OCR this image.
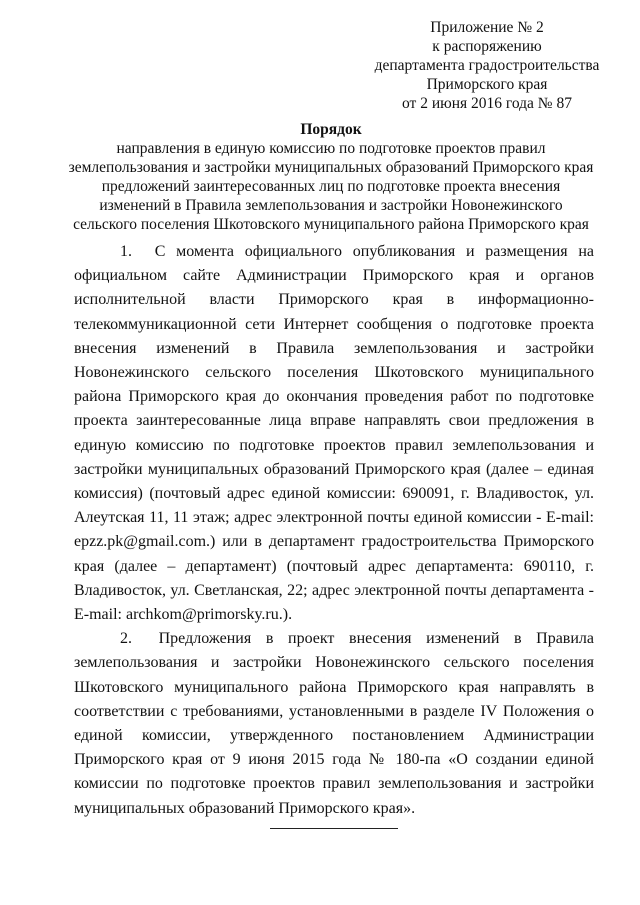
Приложение № 2
к распоряжению
департамента градостроительства
Приморского края
от 2 июня 2016 года № 87
Порядок
направления в единую комиссию по подготовке проектов правил
землепользования и застройки муниципальных образований Приморского края
предложений заинтересованных лиц по подготовке проекта внесения
изменений в Правила землепользования и застройки Новонежинского
сельского поселения Шкотовского муниципального района Приморского края

1. С момента официального опубликования и размещения на официальном сайте Администрации Приморского края и органов исполнительной власти Приморского края в информационно-телекоммуникационной сети Интернет сообщения о подготовке проекта внесения изменений в Правила землепользования и застройки Новонежинского сельского поселения Шкотовского муниципального района Приморского края до окончания проведения работ по подготовке проекта заинтересованные лица вправе направлять свои предложения в единую комиссию по подготовке проектов правил землепользования и застройки муниципальных образований Приморского края (далее – единая комиссия) (почтовый адрес единой комиссии: 690091, г. Владивосток, ул. Алеутская 11, 11 этаж; адрес электронной почты единой комиссии - E-mail: epzz.pk@gmail.com.) или в департамент градостроительства Приморского края (далее – департамент) (почтовый адрес департамента: 690110, г. Владивосток, ул. Светланская, 22; адрес электронной почты департамента - E-mail: archkom@primorsky.ru.).

2. Предложения в проект внесения изменений в Правила землепользования и застройки Новонежинского сельского поселения Шкотовского муниципального района Приморского края направлять в соответствии с требованиями, установленными в разделе IV Положения о единой комиссии, утвержденного постановлением Администрации Приморского края от 9 июня 2015 года № 180-па «О создании единой комиссии по подготовке проектов правил землепользования и застройки муниципальных образований Приморского края».
